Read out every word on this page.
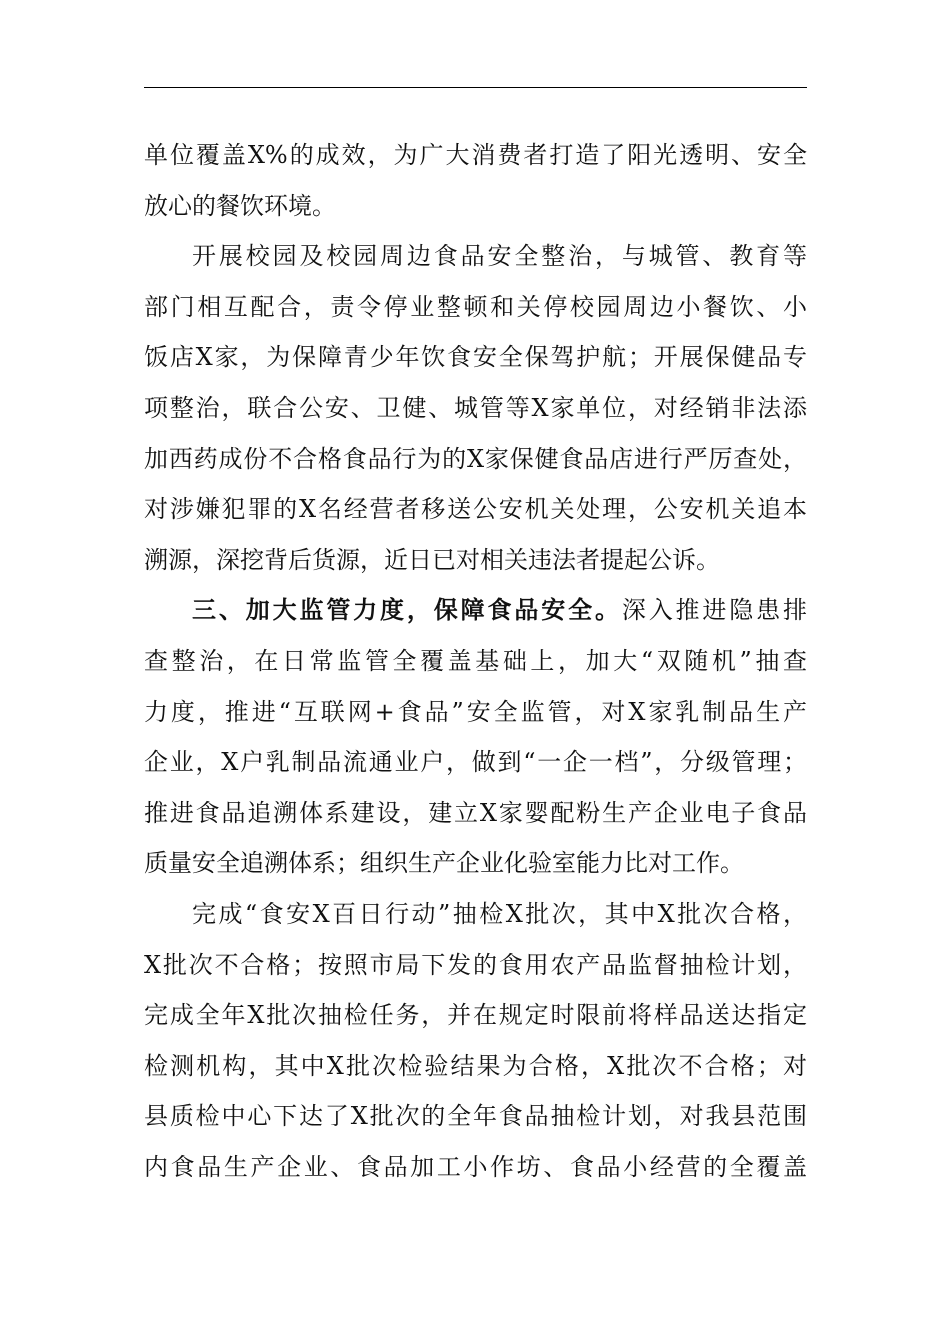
单位覆盖X%的成效，为广大消费者打造了阳光透明、安全
放心的餐饮环境。
开展校园及校园周边食品安全整治，与城管、教育等
部门相互配合，责令停业整顿和关停校园周边小餐饮、小
饭店X家，为保障青少年饮食安全保驾护航；开展保健品专
项整治，联合公安、卫健、城管等X家单位，对经销非法添
加西药成份不合格食品行为的X家保健食品店进行严厉查处，
对涉嫌犯罪的X名经营者移送公安机关处理，公安机关追本
溯源，深挖背后货源，近日已对相关违法者提起公诉。
三、加大监管力度，保障食品安全。深入推进隐患排
查整治，在日常监管全覆盖基础上，加大“双随机”抽查
力度，推进“互联网+食品”安全监管，对X家乳制品生产
企业，X户乳制品流通业户，做到“一企一档”，分级管理；
推进食品追溯体系建设，建立X家婴配粉生产企业电子食品
质量安全追溯体系；组织生产企业化验室能力比对工作。
完成“食安X百日行动”抽检X批次，其中X批次合格，
X批次不合格；按照市局下发的食用农产品监督抽检计划，
完成全年X批次抽检任务，并在规定时限前将样品送达指定
检测机构，其中X批次检验结果为合格，X批次不合格；对
县质检中心下达了X批次的全年食品抽检计划，对我县范围
内食品生产企业、食品加工小作坊、食品小经营的全覆盖
